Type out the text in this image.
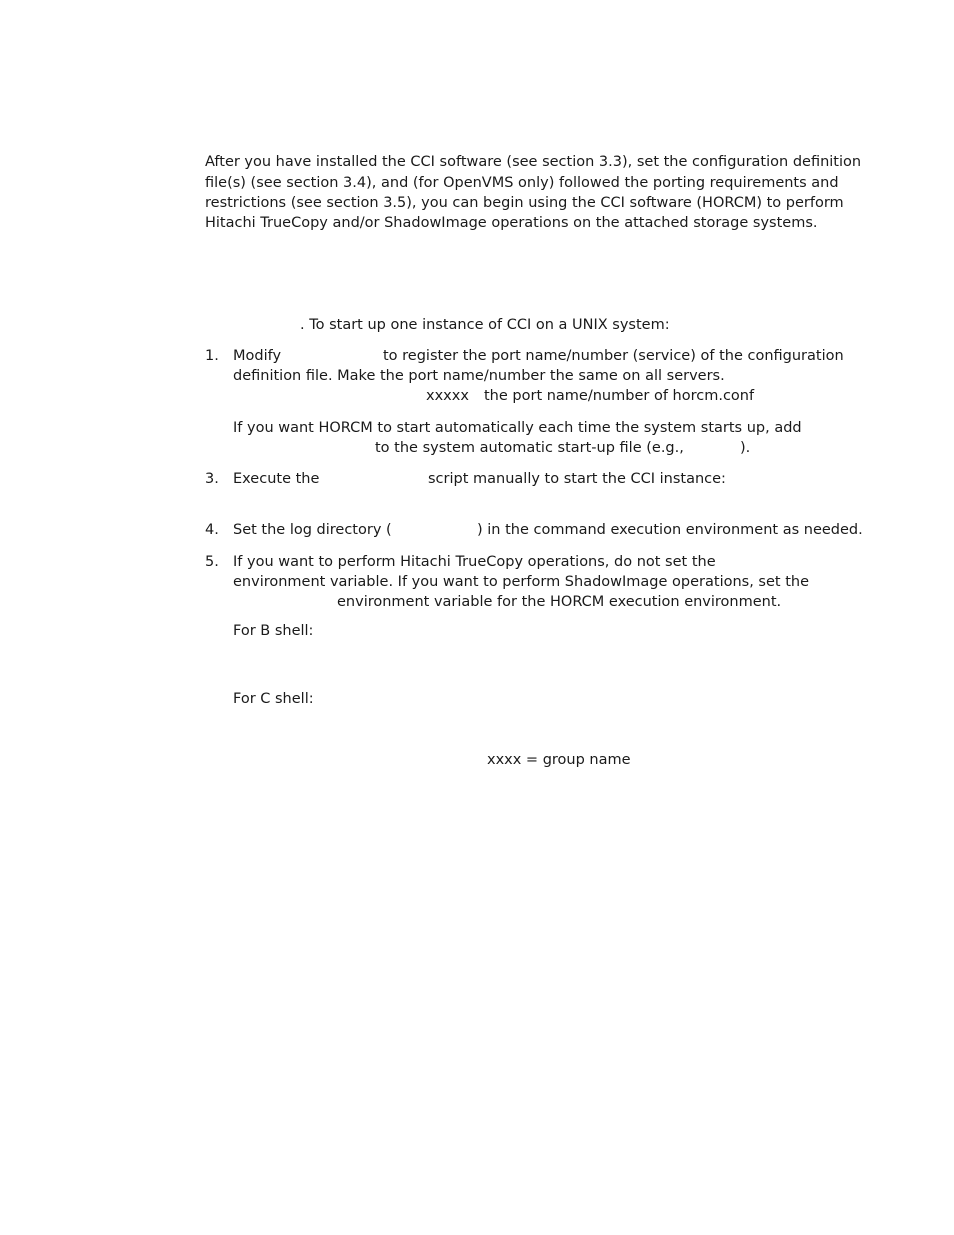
After you have installed the CCI software (see section 3.3), set the configuration definition
file(s) (see section 3.4), and (for OpenVMS only) followed the porting requirements and
restrictions (see section 3.5), you can begin using the CCI software (HORCM) to perform
Hitachi TrueCopy and/or ShadowImage operations on the attached storage systems.
. To start up one instance of CCI on a UNIX system:
1. Modify	to register the port name/number (service) of the configuration
definition file. Make the port name/number the same on all servers.
xxxxx the port name/number of horcm.conf
If you want HORCM to start automatically each time the system starts up, add
to the system automatic start-up file (e.g.,	).
3. Execute the	script manually to start the CCI instance:
4. Set the log directory (	) in the command execution environment as needed.
5. If you want to perform Hitachi TrueCopy operations, do not set the
environment variable. If you want to perform ShadowImage operations, set the
environment variable for the HORCM execution environment.
For B shell:
For C shell:
xxxx = group name
